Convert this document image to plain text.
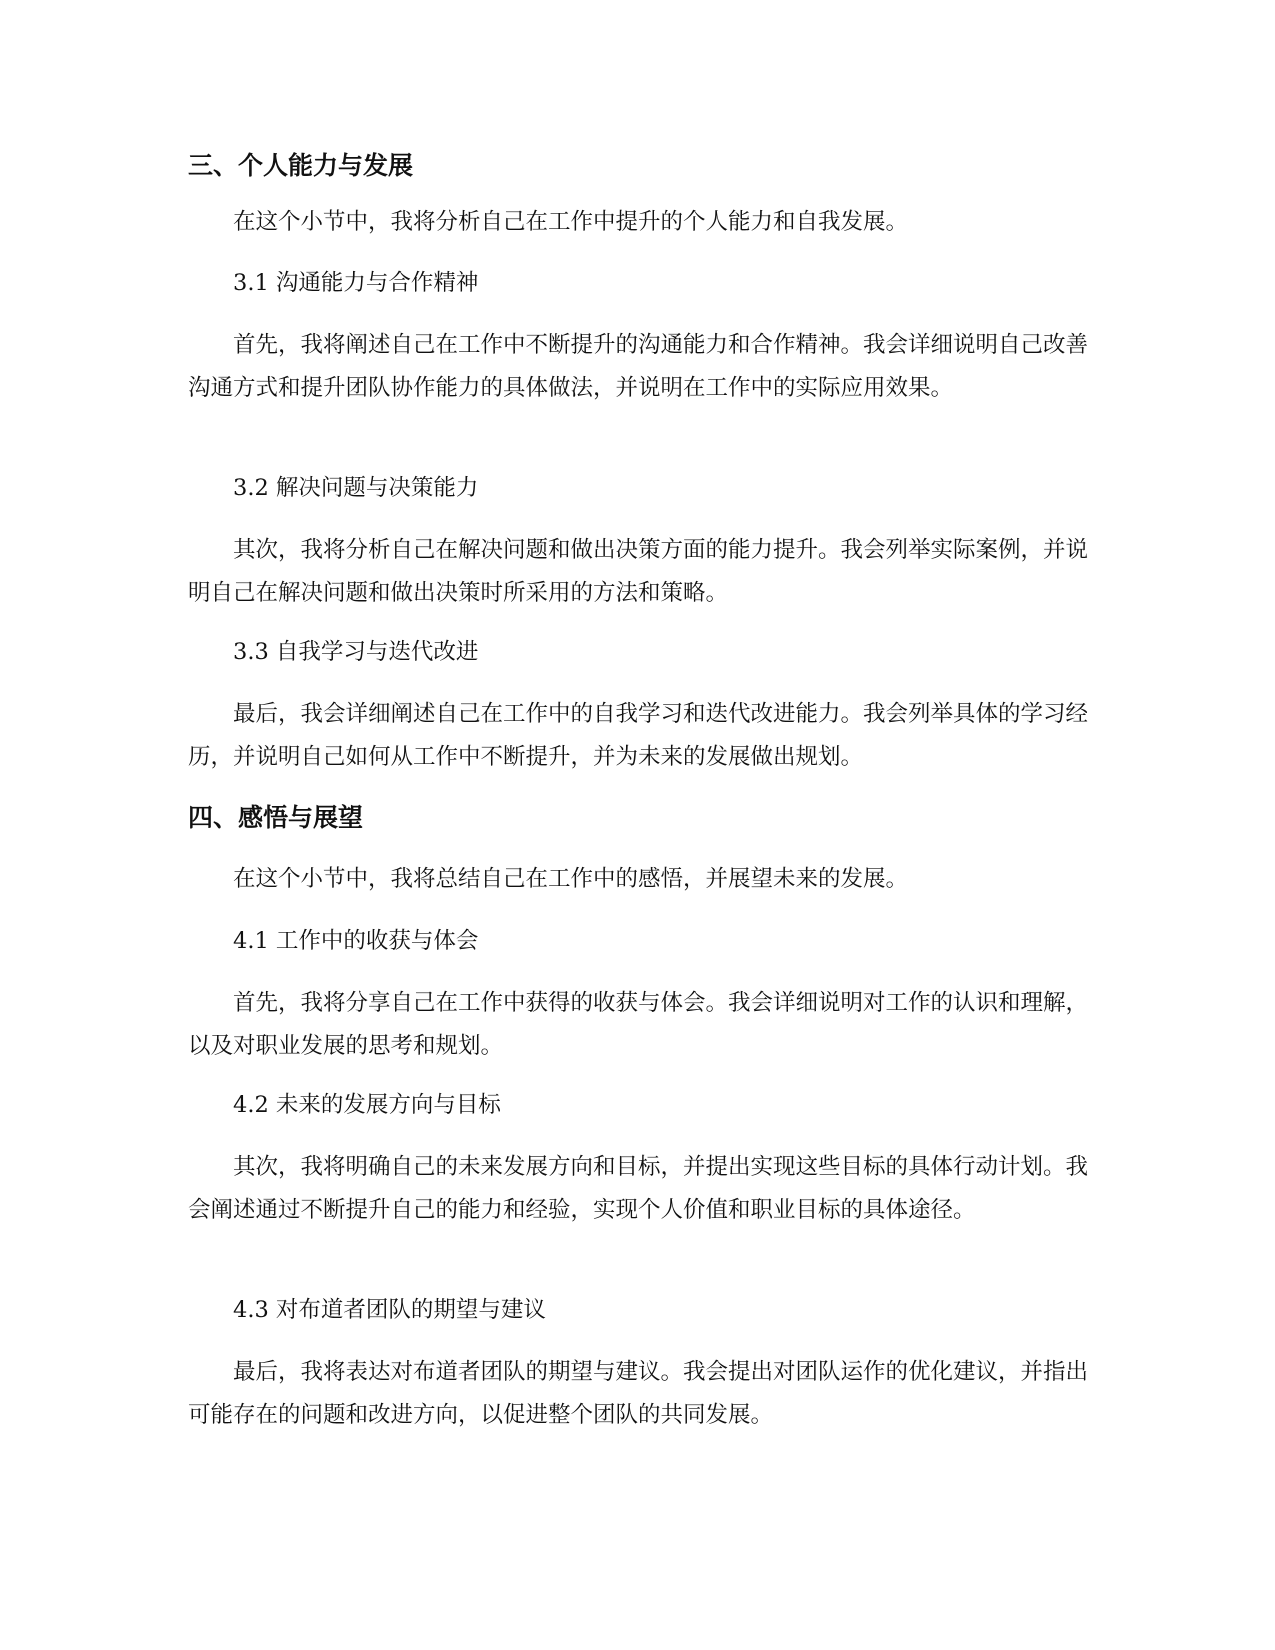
三、个人能力与发展

在这个小节中，我将分析自己在工作中提升的个人能力和自我发展。

3.1 沟通能力与合作精神

首先，我将阐述自己在工作中不断提升的沟通能力和合作精神。我会详细说明自己改善沟通方式和提升团队协作能力的具体做法，并说明在工作中的实际应用效果。

3.2 解决问题与决策能力

其次，我将分析自己在解决问题和做出决策方面的能力提升。我会列举实际案例，并说明自己在解决问题和做出决策时所采用的方法和策略。

3.3 自我学习与迭代改进

最后，我会详细阐述自己在工作中的自我学习和迭代改进能力。我会列举具体的学习经历，并说明自己如何从工作中不断提升，并为未来的发展做出规划。

四、感悟与展望

在这个小节中，我将总结自己在工作中的感悟，并展望未来的发展。

4.1 工作中的收获与体会

首先，我将分享自己在工作中获得的收获与体会。我会详细说明对工作的认识和理解，以及对职业发展的思考和规划。

4.2 未来的发展方向与目标

其次，我将明确自己的未来发展方向和目标，并提出实现这些目标的具体行动计划。我会阐述通过不断提升自己的能力和经验，实现个人价值和职业目标的具体途径。

4.3 对布道者团队的期望与建议

最后，我将表达对布道者团队的期望与建议。我会提出对团队运作的优化建议，并指出可能存在的问题和改进方向，以促进整个团队的共同发展。
